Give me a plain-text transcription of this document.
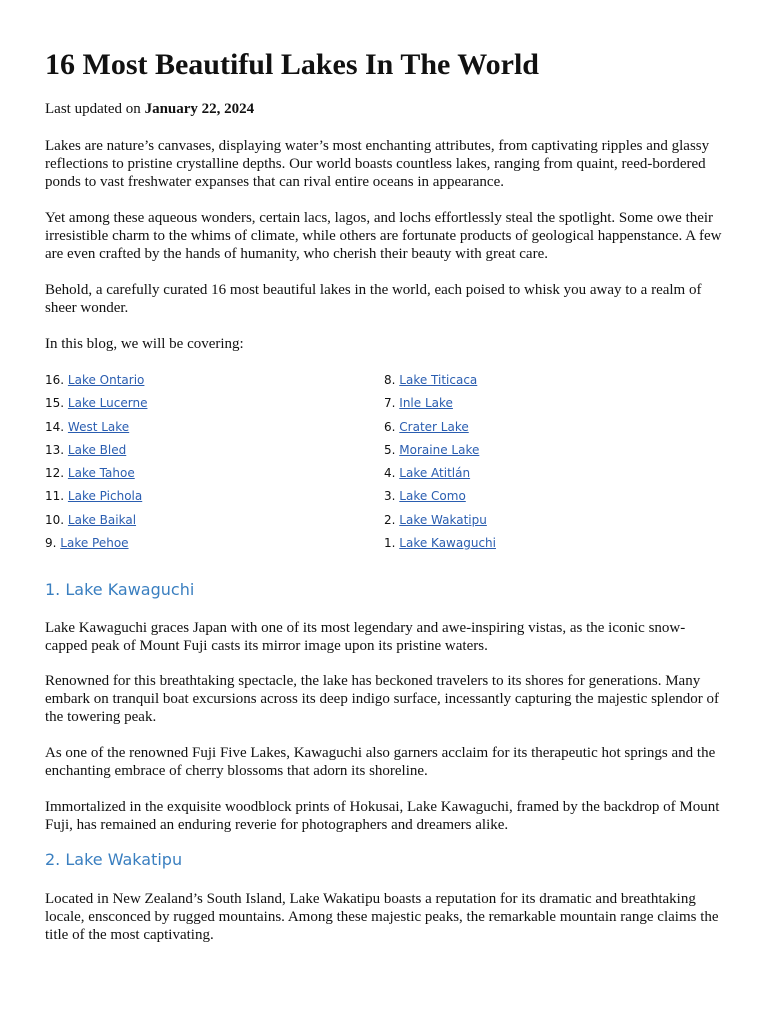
16 Most Beautiful Lakes In The World

Last updated on January 22, 2024

Lakes are nature’s canvases, displaying water’s most enchanting attributes, from captivating ripples and glassy reflections to pristine crystalline depths. Our world boasts countless lakes, ranging from quaint, reed-bordered ponds to vast freshwater expanses that can rival entire oceans in appearance.

Yet among these aqueous wonders, certain lacs, lagos, and lochs effortlessly steal the spotlight. Some owe their irresistible charm to the whims of climate, while others are fortunate products of geological happenstance. A few are even crafted by the hands of humanity, who cherish their beauty with great care.

Behold, a carefully curated 16 most beautiful lakes in the world, each poised to whisk you away to a realm of sheer wonder.

In this blog, we will be covering:

16. Lake Ontario
15. Lake Lucerne
14. West Lake
13. Lake Bled
12. Lake Tahoe
11. Lake Pichola
10. Lake Baikal
9. Lake Pehoe
8. Lake Titicaca
7. Inle Lake
6. Crater Lake
5. Moraine Lake
4. Lake Atitlán
3. Lake Como
2. Lake Wakatipu
1. Lake Kawaguchi
1. Lake Kawaguchi

Lake Kawaguchi graces Japan with one of its most legendary and awe-inspiring vistas, as the iconic snow-capped peak of Mount Fuji casts its mirror image upon its pristine waters.

Renowned for this breathtaking spectacle, the lake has beckoned travelers to its shores for generations. Many embark on tranquil boat excursions across its deep indigo surface, incessantly capturing the majestic splendor of the towering peak.

As one of the renowned Fuji Five Lakes, Kawaguchi also garners acclaim for its therapeutic hot springs and the enchanting embrace of cherry blossoms that adorn its shoreline.

Immortalized in the exquisite woodblock prints of Hokusai, Lake Kawaguchi, framed by the backdrop of Mount Fuji, has remained an enduring reverie for photographers and dreamers alike.

2. Lake Wakatipu

Located in New Zealand’s South Island, Lake Wakatipu boasts a reputation for its dramatic and breathtaking locale, ensconced by rugged mountains. Among these majestic peaks, the remarkable mountain range claims the title of the most captivating.
